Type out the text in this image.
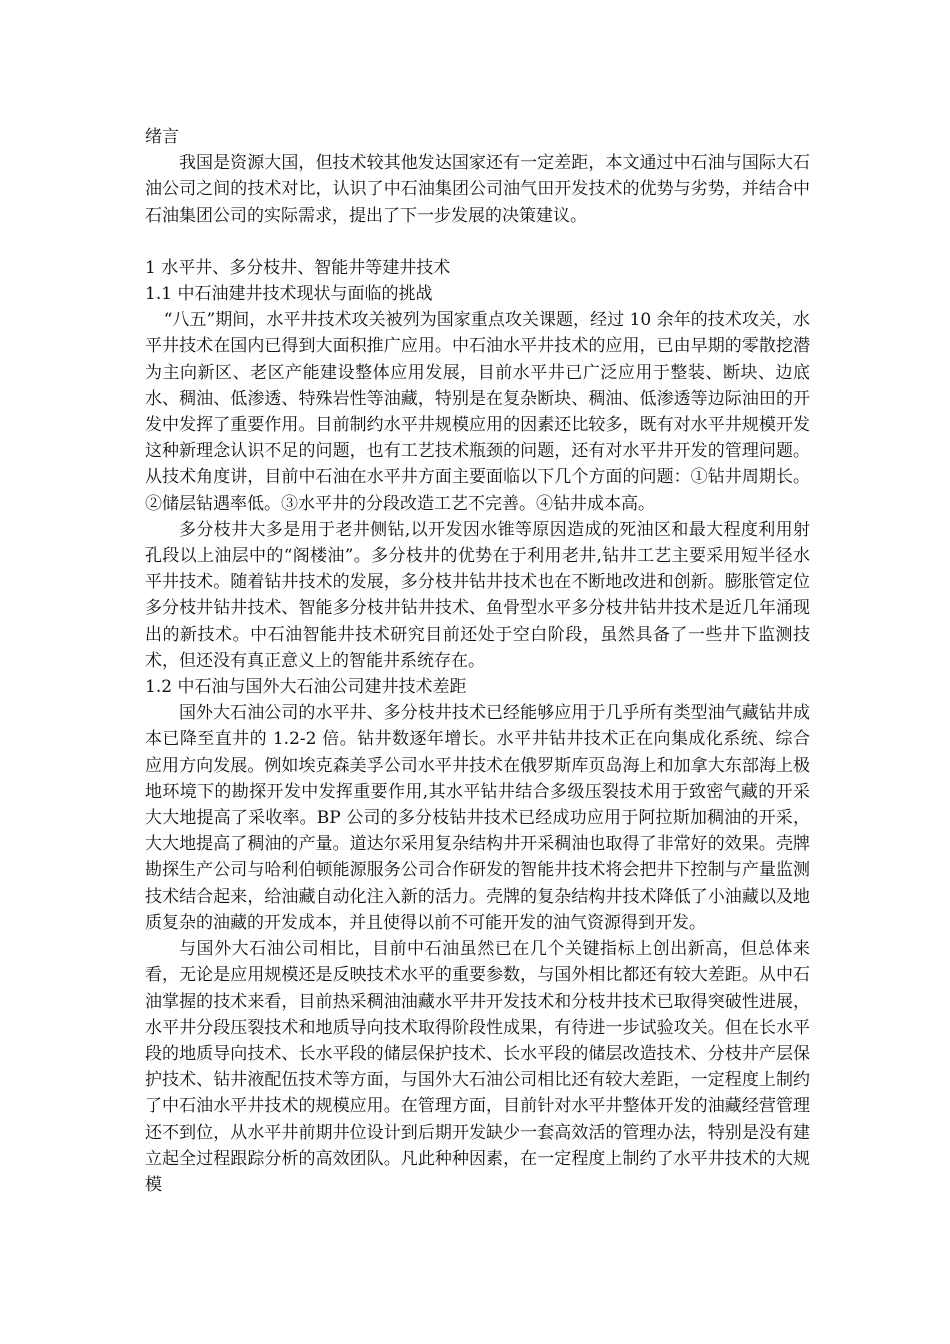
绪言

我国是资源大国，但技术较其他发达国家还有一定差距，本文通过中石油与国际大石油公司之间的技术对比，认识了中石油集团公司油气田开发技术的优势与劣势，并结合中石油集团公司的实际需求，提出了下一步发展的决策建议。

1 水平井、多分枝井、智能井等建井技术

1.1 中石油建井技术现状与面临的挑战

“八五”期间，水平井技术攻关被列为国家重点攻关课题，经过 10 余年的技术攻关，水平井技术在国内已得到大面积推广应用。中石油水平井技术的应用，已由早期的零散挖潜为主向新区、老区产能建设整体应用发展，目前水平井已广泛应用于整装、断块、边底水、稠油、低渗透、特殊岩性等油藏，特别是在复杂断块、稠油、低渗透等边际油田的开发中发挥了重要作用。目前制约水平井规模应用的因素还比较多，既有对水平井规模开发这种新理念认识不足的问题，也有工艺技术瓶颈的问题，还有对水平井开发的管理问题。从技术角度讲，目前中石油在水平井方面主要面临以下几个方面的问题：①钻井周期长。②储层钻遇率低。③水平井的分段改造工艺不完善。④钻井成本高。

多分枝井大多是用于老井侧钻,以开发因水锥等原因造成的死油区和最大程度利用射孔段以上油层中的“阁楼油”。多分枝井的优势在于利用老井,钻井工艺主要采用短半径水平井技术。随着钻井技术的发展，多分枝井钻井技术也在不断地改进和创新。膨胀管定位多分枝井钻井技术、智能多分枝井钻井技术、鱼骨型水平多分枝井钻井技术是近几年涌现出的新技术。中石油智能井技术研究目前还处于空白阶段，虽然具备了一些井下监测技术，但还没有真正意义上的智能井系统存在。

1.2 中石油与国外大石油公司建井技术差距

国外大石油公司的水平井、多分枝井技术已经能够应用于几乎所有类型油气藏钻井成本已降至直井的 1.2-2 倍。钻井数逐年增长。水平井钻井技术正在向集成化系统、综合应用方向发展。例如埃克森美孚公司水平井技术在俄罗斯库页岛海上和加拿大东部海上极地环境下的勘探开发中发挥重要作用,其水平钻井结合多级压裂技术用于致密气藏的开采大大地提高了采收率。BP 公司的多分枝钻井技术已经成功应用于阿拉斯加稠油的开采，大大地提高了稠油的产量。道达尔采用复杂结构井开采稠油也取得了非常好的效果。壳牌勘探生产公司与哈利伯顿能源服务公司合作研发的智能井技术将会把井下控制与产量监测技术结合起来，给油藏自动化注入新的活力。壳牌的复杂结构井技术降低了小油藏以及地质复杂的油藏的开发成本，并且使得以前不可能开发的油气资源得到开发。

与国外大石油公司相比，目前中石油虽然已在几个关键指标上创出新高，但总体来看，无论是应用规模还是反映技术水平的重要参数，与国外相比都还有较大差距。从中石油掌握的技术来看，目前热采稠油油藏水平井开发技术和分枝井技术已取得突破性进展，水平井分段压裂技术和地质导向技术取得阶段性成果，有待进一步试验攻关。但在长水平段的地质导向技术、长水平段的储层保护技术、长水平段的储层改造技术、分枝井产层保护技术、钻井液配伍技术等方面，与国外大石油公司相比还有较大差距，一定程度上制约了中石油水平井技术的规模应用。在管理方面，目前针对水平井整体开发的油藏经营管理还不到位，从水平井前期井位设计到后期开发缺少一套高效活的管理办法，特别是没有建立起全过程跟踪分析的高效团队。凡此种种因素，在一定程度上制约了水平井技术的大规模
